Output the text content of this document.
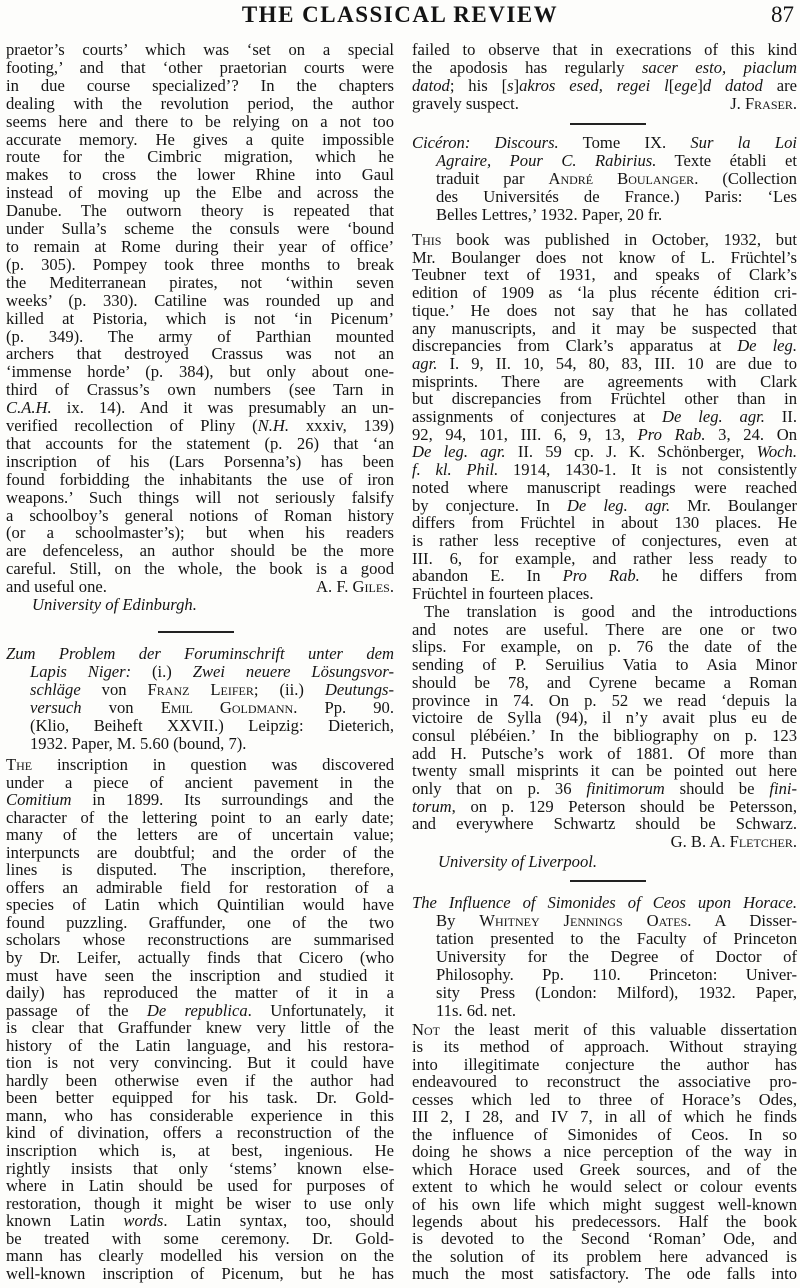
THE CLASSICAL REVIEW	87
praetor’s courts’ which was ‘set on a special
footing,’ and that ‘other praetorian courts were
in due course specialized’? In the chapters
dealing with the revolution period, the author
seems here and there to be relying on a not too
accurate memory. He gives a quite impossible
route for the Cimbric migration, which he
makes to cross the lower Rhine into Gaul
instead of moving up the Elbe and across the
Danube. The outworn theory is repeated that
under Sulla’s scheme the consuls were ‘bound
to remain at Rome during their year of office’
(p. 305). Pompey took three months to break
the Mediterranean pirates, not ‘within seven
weeks’ (p. 330). Catiline was rounded up and
killed at Pistoria, which is not ‘in Picenum’
(p. 349). The army of Parthian mounted
archers that destroyed Crassus was not an
‘immense horde’ (p. 384), but only about one-
third of Crassus’s own numbers (see Tarn in
C.A.H. ix. 14). And it was presumably an un-
verified recollection of Pliny (N.H. xxxiv, 139)
that accounts for the statement (p. 26) that ‘an
inscription of his (Lars Porsenna’s) has been
found forbidding the inhabitants the use of iron
weapons.’ Such things will not seriously falsify
a schoolboy’s general notions of Roman history
(or a schoolmaster’s); but when his readers
are defenceless, an author should be the more
careful. Still, on the whole, the book is a good
and useful one.	A. F. Giles.
University of Edinburgh.
Zum Problem der Foruminschrift unter dem
Lapis Niger: (i.) Zwei neuere Lösungsvor-
schläge von Franz Leifer; (ii.) Deutungs-
versuch von Emil Goldmann. Pp. 90.
(Klio, Beiheft XXVII.) Leipzig: Dieterich,
1932. Paper, M. 5.60 (bound, 7).
The inscription in question was discovered
under a piece of ancient pavement in the
Comitium in 1899. Its surroundings and the
character of the lettering point to an early date;
many of the letters are of uncertain value;
interpuncts are doubtful; and the order of the
lines is disputed. The inscription, therefore,
offers an admirable field for restoration of a
species of Latin which Quintilian would have
found puzzling. Graffunder, one of the two
scholars whose reconstructions are summarised
by Dr. Leifer, actually finds that Cicero (who
must have seen the inscription and studied it
daily) has reproduced the matter of it in a
passage of the De republica. Unfortunately, it
is clear that Graffunder knew very little of the
history of the Latin language, and his restora-
tion is not very convincing. But it could have
hardly been otherwise even if the author had
been better equipped for his task. Dr. Gold-
mann, who has considerable experience in this
kind of divination, offers a reconstruction of the
inscription which is, at best, ingenious. He
rightly insists that only ‘stems’ known else-
where in Latin should be used for purposes of
restoration, though it might be wiser to use only
known Latin words. Latin syntax, too, should
be treated with some ceremony. Dr. Gold-
mann has clearly modelled his version on the
well-known inscription of Picenum, but he has
failed to observe that in execrations of this kind
the apodosis has regularly sacer esto, piaclum
datod; his [s]akros esed, regei l[ege]d datod are
gravely suspect.	J. Fraser.
Cicéron: Discours. Tome IX. Sur la Loi
Agraire, Pour C. Rabirius. Texte établi et
traduit par André Boulanger. (Collection
des Universités de France.) Paris: ‘Les
Belles Lettres,’ 1932. Paper, 20 fr.
This book was published in October, 1932, but
Mr. Boulanger does not know of L. Früchtel’s
Teubner text of 1931, and speaks of Clark’s
edition of 1909 as ‘la plus récente édition cri-
tique.’ He does not say that he has collated
any manuscripts, and it may be suspected that
discrepancies from Clark’s apparatus at De leg.
agr. I. 9, II. 10, 54, 80, 83, III. 10 are due to
misprints. There are agreements with Clark
but discrepancies from Früchtel other than in
assignments of conjectures at De leg. agr. II.
92, 94, 101, III. 6, 9, 13, Pro Rab. 3, 24. On
De leg. agr. II. 59 cp. J. K. Schönberger, Woch.
f. kl. Phil. 1914, 1430-1. It is not consistently
noted where manuscript readings were reached
by conjecture. In De leg. agr. Mr. Boulanger
differs from Früchtel in about 130 places. He
is rather less receptive of conjectures, even at
III. 6, for example, and rather less ready to
abandon E. In Pro Rab. he differs from
Früchtel in fourteen places.
The translation is good and the introductions
and notes are useful. There are one or two
slips. For example, on p. 76 the date of the
sending of P. Seruilius Vatia to Asia Minor
should be 78, and Cyrene became a Roman
province in 74. On p. 52 we read ‘depuis la
victoire de Sylla (94), il n’y avait plus eu de
consul plébéien.’ In the bibliography on p. 123
add H. Putsche’s work of 1881. Of more than
twenty small misprints it can be pointed out here
only that on p. 36 finitimorum should be fini-
torum, on p. 129 Peterson should be Petersson,
and everywhere Schwartz should be Schwarz.
G. B. A. Fletcher.
University of Liverpool.
The Influence of Simonides of Ceos upon Horace.
By Whitney Jennings Oates. A Disser-
tation presented to the Faculty of Princeton
University for the Degree of Doctor of
Philosophy. Pp. 110. Princeton: Univer-
sity Press (London: Milford), 1932. Paper,
11s. 6d. net.
Not the least merit of this valuable dissertation
is its method of approach. Without straying
into illegitimate conjecture the author has
endeavoured to reconstruct the associative pro-
cesses which led to three of Horace’s Odes,
III 2, I 28, and IV 7, in all of which he finds
the influence of Simonides of Ceos. In so
doing he shows a nice perception of the way in
which Horace used Greek sources, and of the
extent to which he would select or colour events
of his own life which might suggest well-known
legends about his predecessors. Half the book
is devoted to the Second ‘Roman’ Ode, and
the solution of its problem here advanced is
much the most satisfactory. The ode falls into
